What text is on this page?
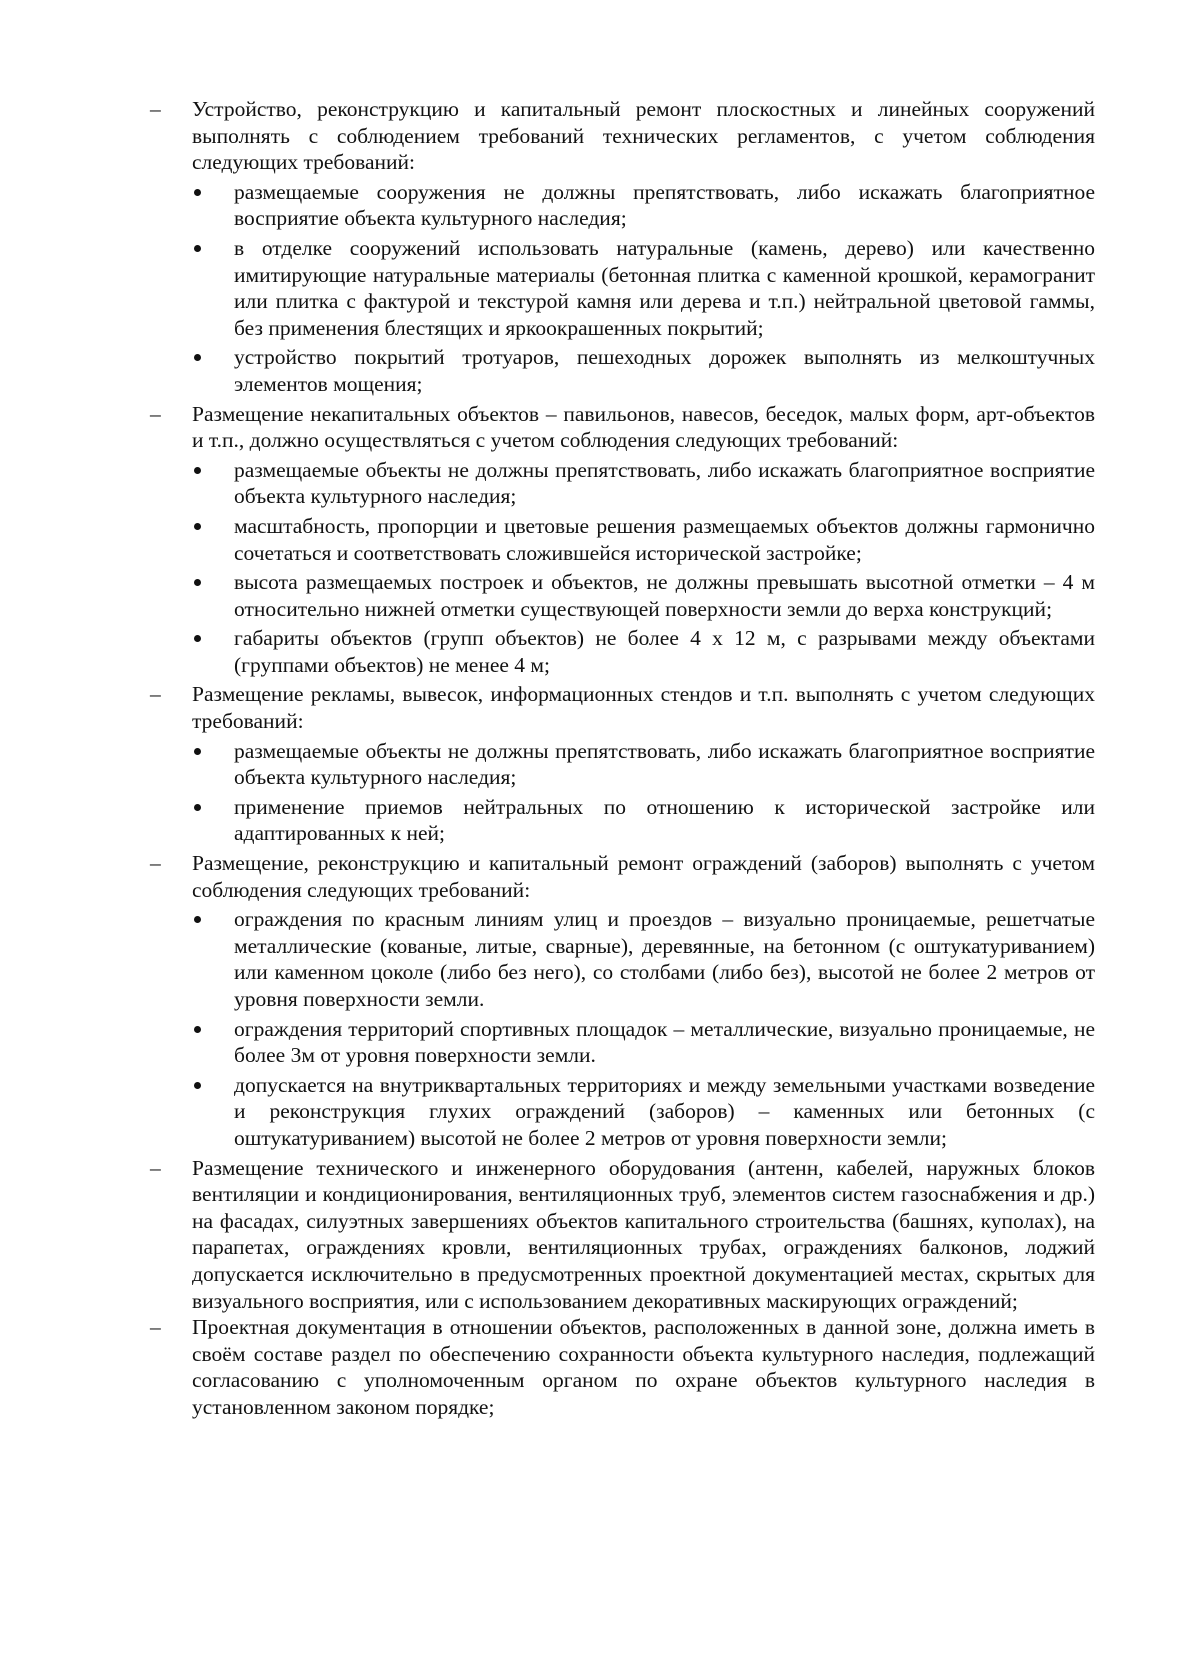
–	Устройство, реконструкцию и капитальный ремонт плоскостных и линейных сооружений выполнять с соблюдением требований технических регламентов, с учетом соблюдения следующих требований:

размещаемые сооружения не должны препятствовать, либо искажать благоприятное восприятие объекта культурного наследия;

в отделке сооружений использовать натуральные (камень, дерево) или качественно имитирующие натуральные материалы (бетонная плитка с каменной крошкой, керамогранит или плитка с фактурой и текстурой камня или дерева и т.п.) нейтральной цветовой гаммы, без применения блестящих и яркоокрашенных покрытий;

устройство покрытий тротуаров, пешеходных дорожек выполнять из мелкоштучных элементов мощения;

–	Размещение некапитальных объектов – павильонов, навесов, беседок, малых форм, арт-объектов и т.п., должно осуществляться с учетом соблюдения следующих требований:

размещаемые объекты не должны препятствовать, либо искажать благоприятное восприятие объекта культурного наследия;

масштабность, пропорции и цветовые решения размещаемых объектов должны гармонично сочетаться и соответствовать сложившейся исторической застройке;

высота размещаемых построек и объектов, не должны превышать высотной отметки – 4 м относительно нижней отметки существующей поверхности земли до верха конструкций;

габариты объектов (групп объектов) не более 4 х 12 м, с разрывами между объектами (группами объектов) не менее 4 м;

–	Размещение рекламы, вывесок, информационных стендов и т.п. выполнять с учетом следующих требований:

размещаемые объекты не должны препятствовать, либо искажать благоприятное восприятие объекта культурного наследия;

применение приемов нейтральных по отношению к исторической застройке или адаптированных к ней;

–	Размещение, реконструкцию и капитальный ремонт ограждений (заборов) выполнять с учетом соблюдения следующих требований:

ограждения по красным линиям улиц и проездов – визуально проницаемые, решетчатые металлические (кованые, литые, сварные), деревянные, на бетонном (с оштукатуриванием) или каменном цоколе (либо без него), со столбами (либо без), высотой не более 2 метров от уровня поверхности земли.

ограждения территорий спортивных площадок – металлические, визуально проницаемые, не более 3м от уровня поверхности земли.

допускается на внутриквартальных территориях и между земельными участками возведение и реконструкция глухих ограждений (заборов) – каменных или бетонных (с оштукатуриванием) высотой не более 2 метров от уровня поверхности земли;

–	Размещение технического и инженерного оборудования (антенн, кабелей, наружных блоков вентиляции и кондиционирования, вентиляционных труб, элементов систем газоснабжения и др.) на фасадах, силуэтных завершениях объектов капитального строительства (башнях, куполах), на парапетах, ограждениях кровли, вентиляционных трубах, ограждениях балконов, лоджий допускается исключительно в предусмотренных проектной документацией местах, скрытых для визуального восприятия, или с использованием декоративных маскирующих ограждений;

–	Проектная документация в отношении объектов, расположенных в данной зоне, должна иметь в своём составе раздел по обеспечению сохранности объекта культурного наследия, подлежащий согласованию с уполномоченным органом по охране объектов культурного наследия в установленном законом порядке;
